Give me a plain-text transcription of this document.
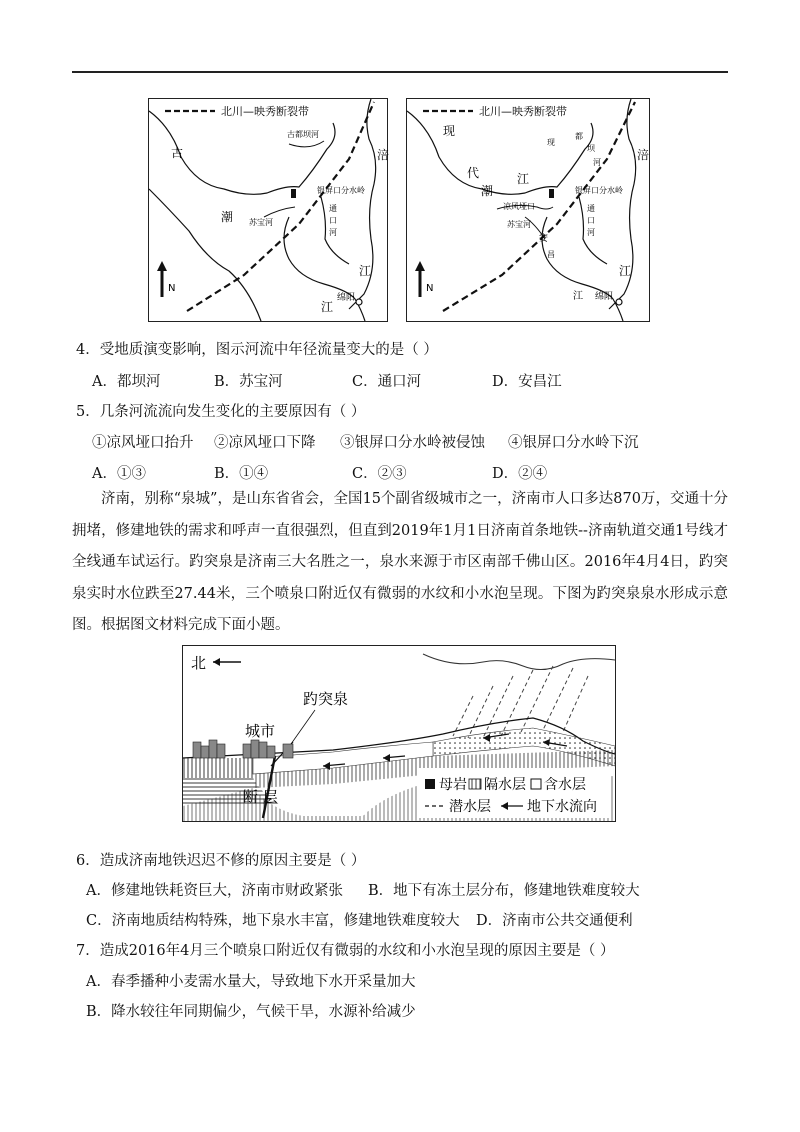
北川—映秀断裂带
N
古
潮
古都坝河
银屏口分水岭
通
口
河
苏宝河
涪
江
绵阳
江
北川—映秀断裂带
N
现
代
潮
江
现
都
坝
河
银屏口分水岭
凉风垭口
苏宝河
安
昌
通
口
河
涪
江
江 绵阳
4．受地质演变影响，图示河流中年径流量变大的是（ ）
A．都坝河	B．苏宝河	C．通口河	D．安昌江
5．几条河流流向发生变化的主要原因有（ ）
①凉风垭口抬升 ②凉风垭口下降 ③银屏口分水岭被侵蚀 ④银屏口分水岭下沉
A．①③	B．①④	C．②③	D．②④
济南，别称“泉城”，是山东省省会，全国15个副省级城市之一，济南市人口多达870万，交通十分拥堵，修建地铁的需求和呼声一直很强烈，但直到2019年1月1日济南首条地铁--济南轨道交通1号线才全线通车试运行。趵突泉是济南三大名胜之一，泉水来源于市区南部千佛山区。2016年4月4日，趵突泉实时水位跌至27.44米，三个喷泉口附近仅有微弱的水纹和小水泡呈现。下图为趵突泉泉水形成示意图。根据图文材料完成下面小题。
北
趵突泉
城市
断 层
母岩 隔水层 含水层
潜水层	地下水流向
6．造成济南地铁迟迟不修的原因主要是（ ）
A．修建地铁耗资巨大，济南市财政紧张 B．地下有冻土层分布，修建地铁难度较大
C．济南地质结构特殊，地下泉水丰富，修建地铁难度较大 D．济南市公共交通便利
7．造成2016年4月三个喷泉口附近仅有微弱的水纹和小水泡呈现的原因主要是（ ）
A．春季播种小麦需水量大，导致地下水开采量加大
B．降水较往年同期偏少，气候干旱，水源补给减少
